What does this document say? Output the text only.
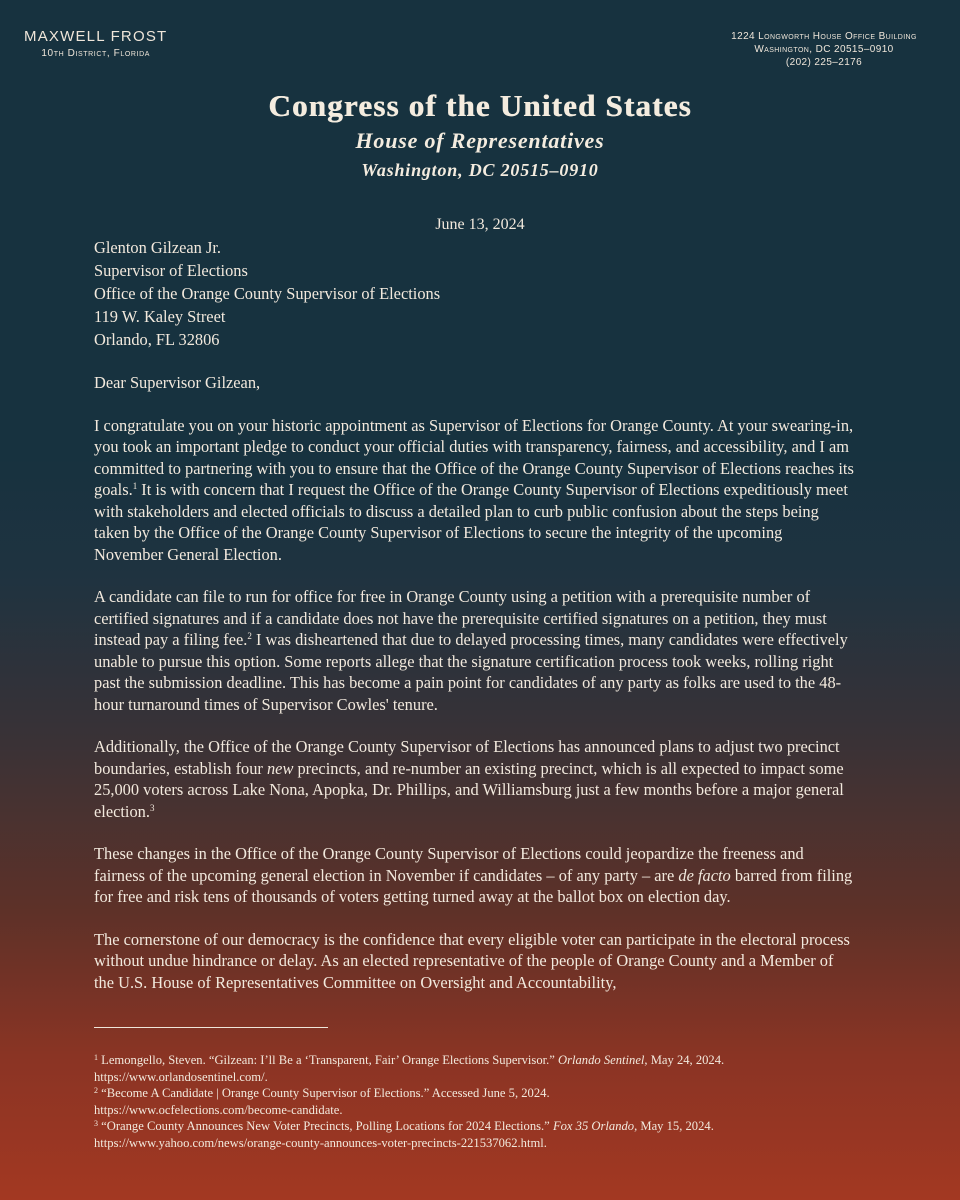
MAXWELL FROST
10th District, Florida
1224 Longworth House Office Building
Washington, DC 20515–0910
(202) 225–2176
Congress of the United States
House of Representatives
Washington, DC 20515–0910
June 13, 2024
Glenton Gilzean Jr.
Supervisor of Elections
Office of the Orange County Supervisor of Elections
119 W. Kaley Street
Orlando, FL 32806
Dear Supervisor Gilzean,

I congratulate you on your historic appointment as Supervisor of Elections for Orange County. At your swearing-in, you took an important pledge to conduct your official duties with transparency, fairness, and accessibility, and I am committed to partnering with you to ensure that the Office of the Orange County Supervisor of Elections reaches its goals.$^1$ It is with concern that I request the Office of the Orange County Supervisor of Elections expeditiously meet with stakeholders and elected officials to discuss a detailed plan to curb public confusion about the steps being taken by the Office of the Orange County Supervisor of Elections to secure the integrity of the upcoming November General Election.

A candidate can file to run for office for free in Orange County using a petition with a prerequisite number of certified signatures and if a candidate does not have the prerequisite certified signatures on a petition, they must instead pay a filing fee.$^2$ I was disheartened that due to delayed processing times, many candidates were effectively unable to pursue this option. Some reports allege that the signature certification process took weeks, rolling right past the submission deadline. This has become a pain point for candidates of any party as folks are used to the 48-hour turnaround times of Supervisor Cowles' tenure.

Additionally, the Office of the Orange County Supervisor of Elections has announced plans to adjust two precinct boundaries, establish four new precincts, and re-number an existing precinct, which is all expected to impact some 25,000 voters across Lake Nona, Apopka, Dr. Phillips, and Williamsburg just a few months before a major general election.$^3$

These changes in the Office of the Orange County Supervisor of Elections could jeopardize the freeness and fairness of the upcoming general election in November if candidates – of any party – are de facto barred from filing for free and risk tens of thousands of voters getting turned away at the ballot box on election day.

The cornerstone of our democracy is the confidence that every eligible voter can participate in the electoral process without undue hindrance or delay. As an elected representative of the people of Orange County and a Member of the U.S. House of Representatives Committee on Oversight and Accountability,

$^1$ Lemongello, Steven. “Gilzean: I’ll Be a ‘Transparent, Fair’ Orange Elections Supervisor.” Orlando Sentinel, May 24, 2024.
https://www.orlandosentinel.com/.
$^2$ “Become A Candidate | Orange County Supervisor of Elections.” Accessed June 5, 2024.
https://www.ocfelections.com/become-candidate.
$^3$ “Orange County Announces New Voter Precincts, Polling Locations for 2024 Elections.” Fox 35 Orlando, May 15, 2024.
https://www.yahoo.com/news/orange-county-announces-voter-precincts-221537062.html.
